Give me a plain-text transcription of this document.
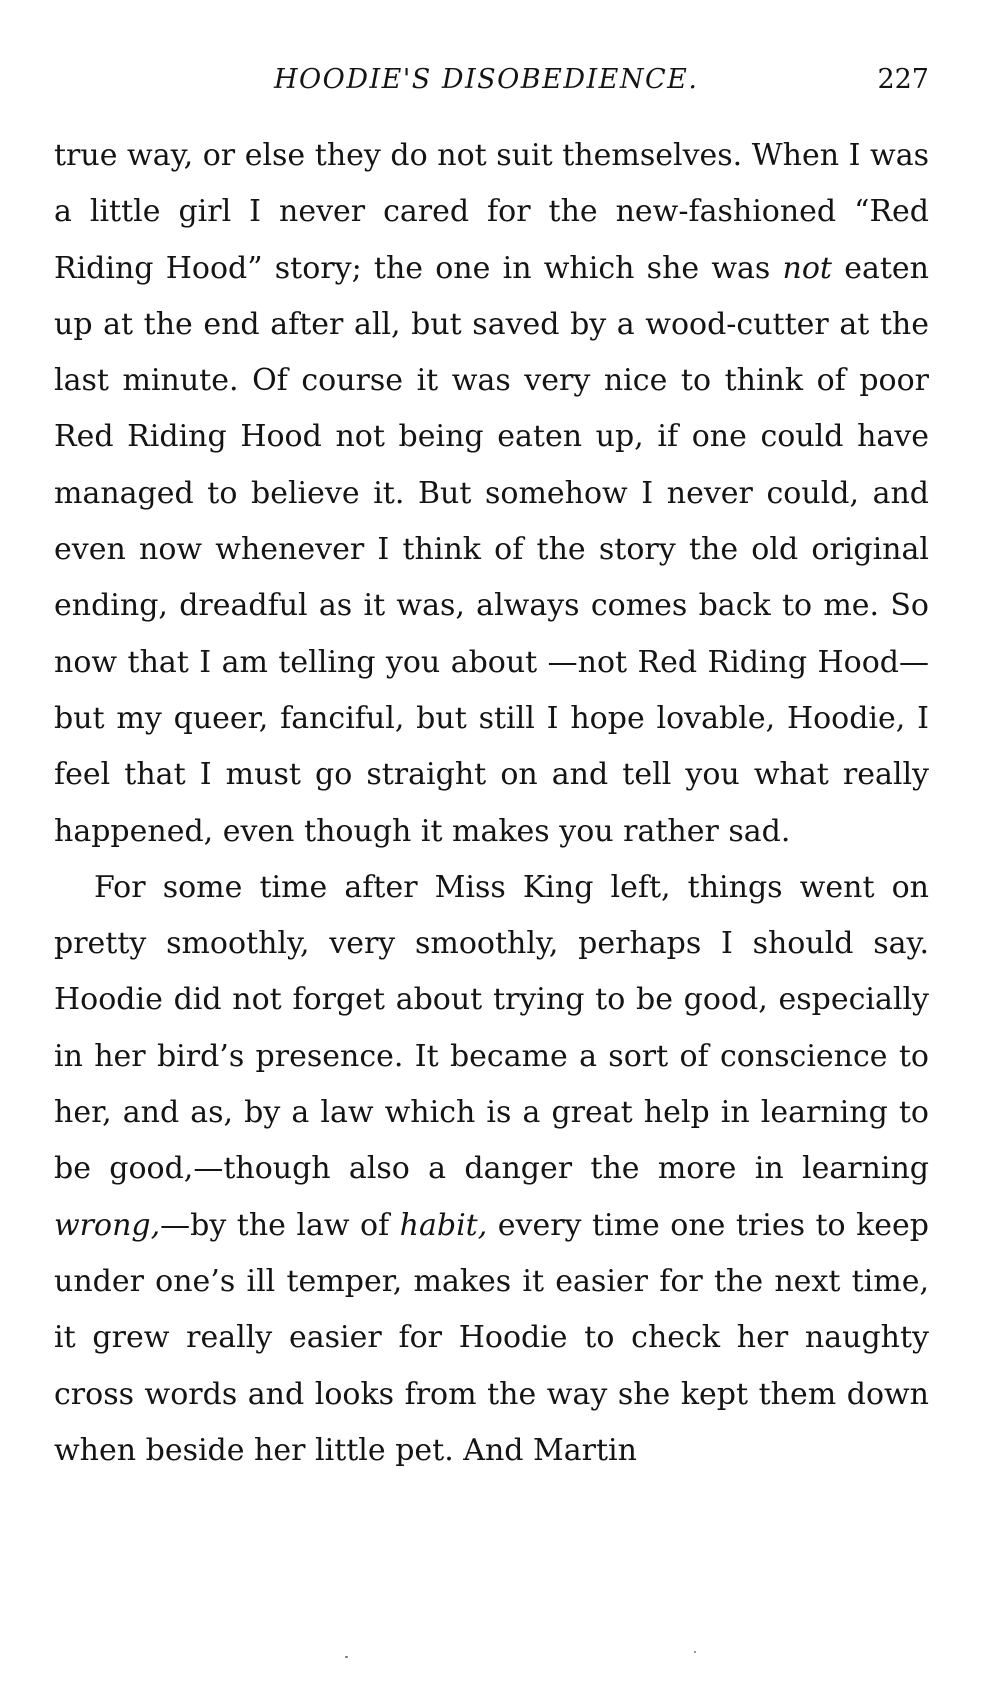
HOODIE'S DISOBEDIENCE.	227

true way, or else they do not suit themselves. When I was a little girl I never cared for the new-fashioned “Red Riding Hood” story; the one in which she was not eaten up at the end after all, but saved by a wood-cutter at the last minute. Of course it was very nice to think of poor Red Riding Hood not being eaten up, if one could have managed to believe it. But somehow I never could, and even now whenever I think of the story the old original ending, dreadful as it was, always comes back to me. So now that I am telling you about —not Red Riding Hood—but my queer, fanciful, but still I hope lovable, Hoodie, I feel that I must go straight on and tell you what really happened, even though it makes you rather sad.

For some time after Miss King left, things went on pretty smoothly, very smoothly, perhaps I should say. Hoodie did not forget about trying to be good, especially in her bird’s presence. It became a sort of conscience to her, and as, by a law which is a great help in learning to be good,—though also a danger the more in learning wrong,—by the law of habit, every time one tries to keep under one’s ill temper, makes it easier for the next time, it grew really easier for Hoodie to check her naughty cross words and looks from the way she kept them down when beside her little pet. And Martin
